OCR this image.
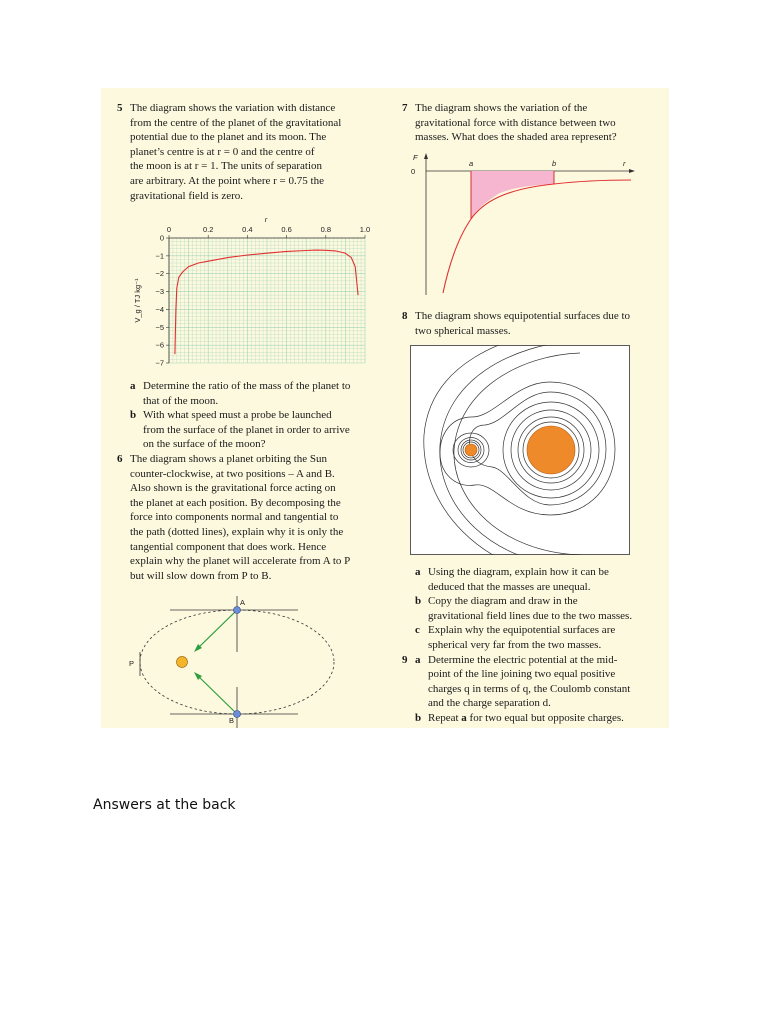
5 The diagram shows the variation with distance

from the centre of the planet of the gravitational

potential due to the planet and its moon. The

planet’s centre is at r = 0 and the centre of

the moon is at r = 1. The units of separation

are arbitrary. At the point where r = 0.75 the

gravitational field is zero.

0	0.2	0.4	0.6	0.8	1.0
0
−1
−2
−3
−4
−5
−6
−7
r
V_g / TJ kg⁻¹
a Determine the ratio of the mass of the planet to

that of the moon.

b With what speed must a probe be launched

from the surface of the planet in order to arrive

on the surface of the moon?

6 The diagram shows a planet orbiting the Sun

counter-clockwise, at two positions – A and B.

Also shown is the gravitational force acting on

the planet at each position. By decomposing the

force into components normal and tangential to

the path (dotted lines), explain why it is only the

tangential component that does work. Hence

explain why the planet will accelerate from A to P

but will slow down from P to B.

A
B
P
7 The diagram shows the variation of the

gravitational force with distance between two

masses. What does the shaded area represent?

F
0
a	b	r
8 The diagram shows equipotential surfaces due to

two spherical masses.

a Using the diagram, explain how it can be

deduced that the masses are unequal.

b Copy the diagram and draw in the

gravitational field lines due to the two masses.

c Explain why the equipotential surfaces are

spherical very far from the two masses.

9 a Determine the electric potential at the mid-

point of the line joining two equal positive

charges q in terms of q, the Coulomb constant

and the charge separation d.

b Repeat a for two equal but opposite charges.

Answers at the back
